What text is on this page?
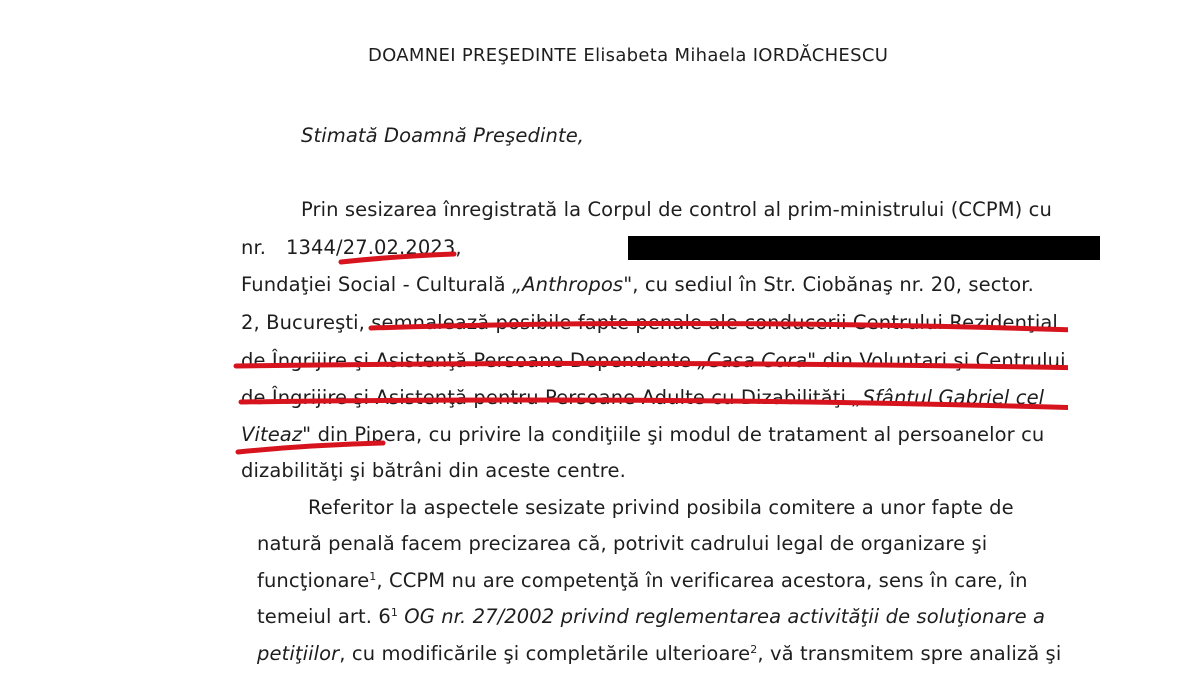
DOAMNEI PREŞEDINTE Elisabeta Mihaela IORDĂCHESCU
Stimată Doamnă Preşedinte,
Prin sesizarea înregistrată la Corpul de control al prim-ministrului (CCPM) cu
nr. 1344/27.02.2023,
Fundaţiei Social - Culturală „Anthropos", cu sediul în Str. Ciobănaş nr. 20, sector.
2, Bucureşti, semnalează posibile fapte penale ale conducerii Centrului Rezidenţial
de Îngrijire şi Asistenţă Persoane Dependente „Casa Cora" din Voluntari şi Centrului
de Îngrijire şi Asistenţă pentru Persoane Adulte cu Dizabilităţi „Sfântul Gabriel cel
Viteaz" din Pipera, cu privire la condiţiile şi modul de tratament al persoanelor cu
dizabilităţi şi bătrâni din aceste centre.
Referitor la aspectele sesizate privind posibila comitere a unor fapte de
natură penală facem precizarea că, potrivit cadrului legal de organizare şi
funcţionare$^1$, CCPM nu are competenţă în verificarea acestora, sens în care, în
temeiul art. $6^1$ OG nr. 27/2002 privind reglementarea activităţii de soluţionare a
petiţiilor, cu modificările şi completările ulterioare$^2$, vă transmitem spre analiză şi
